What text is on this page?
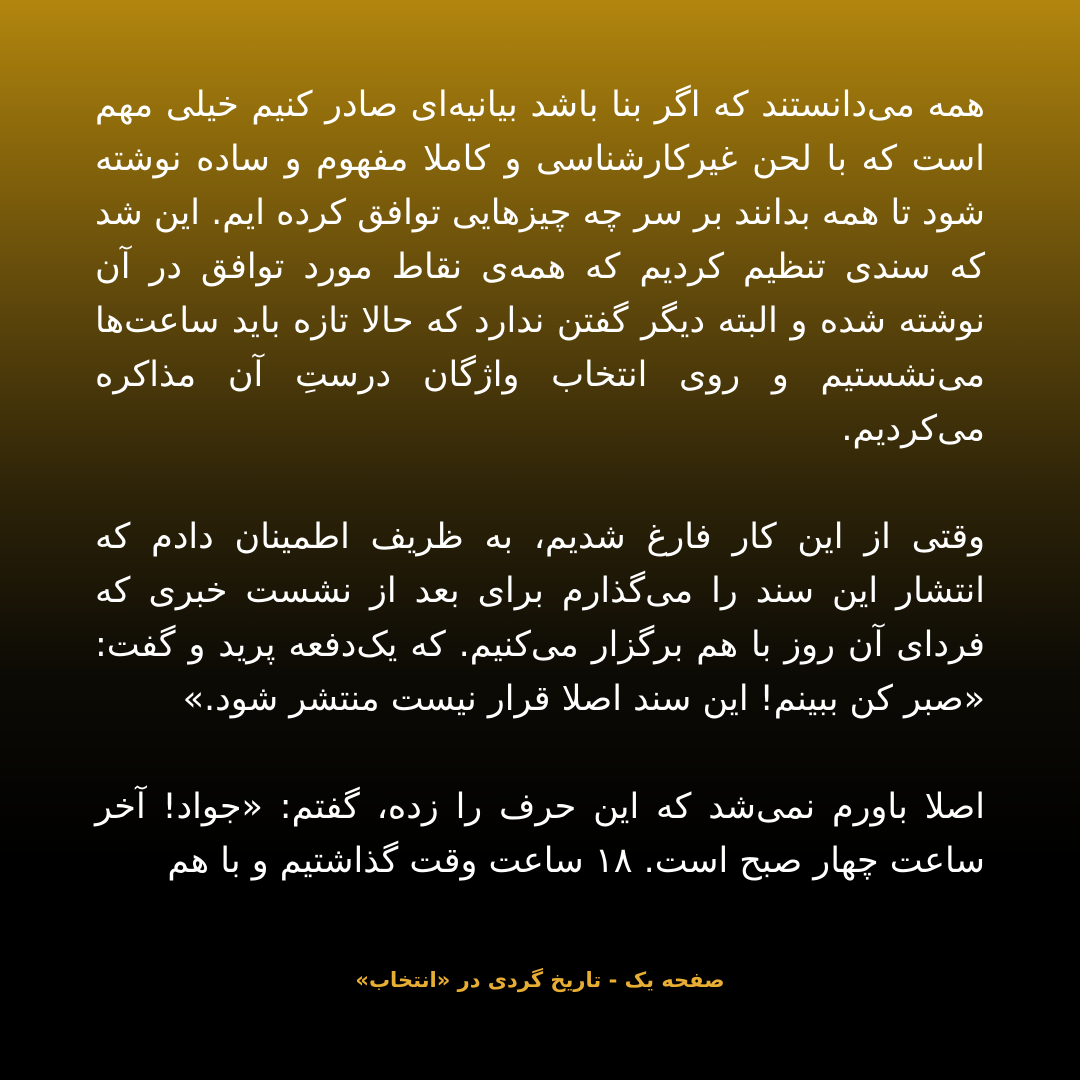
همه می‌دانستند که اگر بنا باشد بیانیه‌ای صادر کنیم خیلی مهم است که با لحن غیرکارشناسی و کاملا مفهوم و ساده نوشته شود تا همه بدانند بر سر چه چیزهایی توافق کرده ایم. این شد که سندی تنظیم کردیم که همه‌ی نقاط مورد توافق در آن نوشته شده و البته دیگر گفتن ندارد که حالا تازه باید ساعت‌ها می‌نشستیم و روی انتخاب واژگان درستِ آن مذاکره می‌کردیم.

وقتی از این کار فارغ شدیم، به ظریف اطمینان دادم که انتشار این سند را می‌گذارم برای بعد از نشست خبری که فردای آن روز با هم برگزار می‌کنیم. که یک‌دفعه پرید و گفت: «صبر کن ببینم! این سند اصلا قرار نیست منتشر شود.»

اصلا باورم نمی‌شد که این حرف را زده، گفتم: «جواد! آخر ساعت چهار صبح است. ۱۸ ساعت وقت گذاشتیم و با هم

صفحه یک - تاریخ گردی در «انتخاب»
